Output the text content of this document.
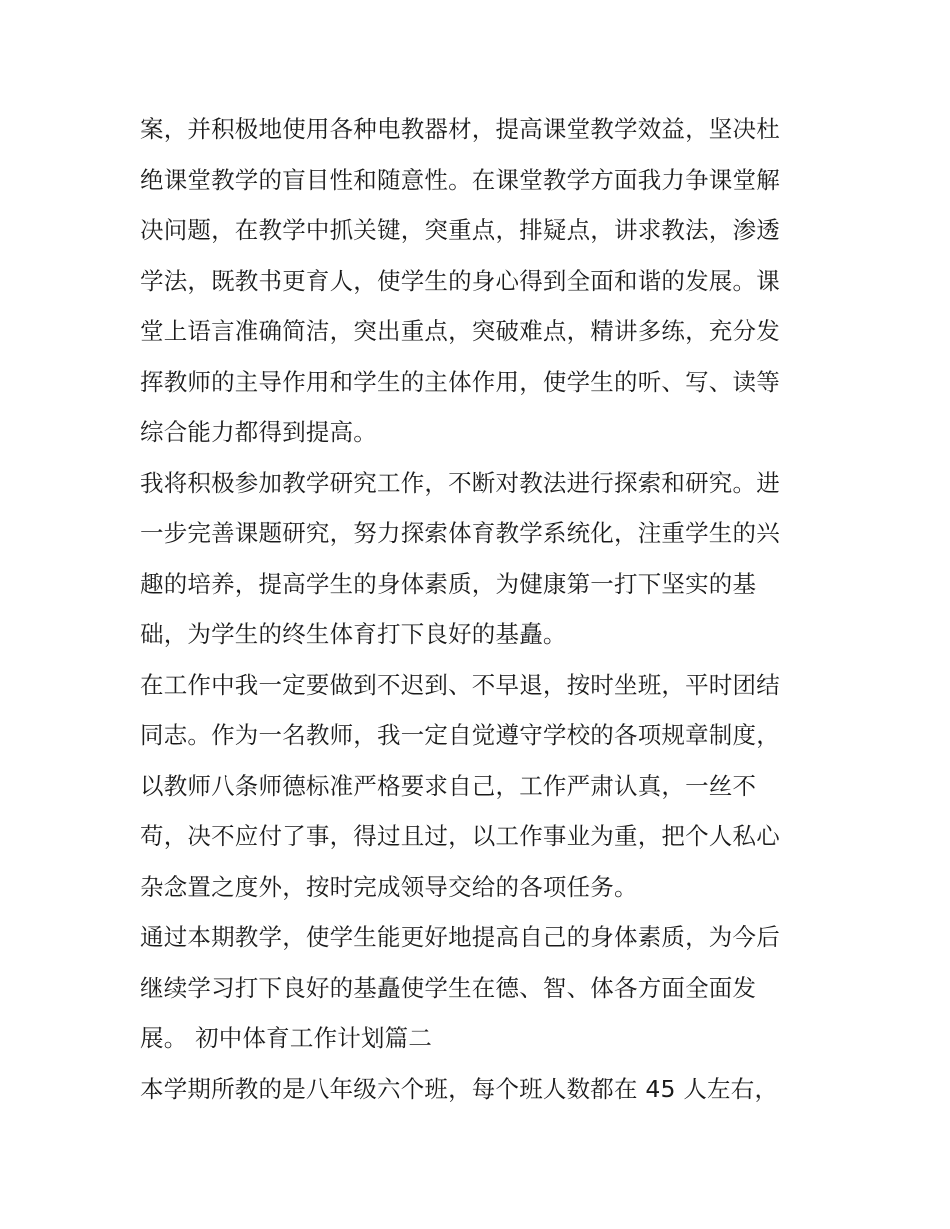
案，并积极地使用各种电教器材，提高课堂教学效益，坚决杜
绝课堂教学的盲目性和随意性。在课堂教学方面我力争课堂解
决问题，在教学中抓关键，突重点，排疑点，讲求教法，渗透
学法，既教书更育人，使学生的身心得到全面和谐的发展。课
堂上语言准确简洁，突出重点，突破难点，精讲多练，充分发
挥教师的主导作用和学生的主体作用，使学生的听、写、读等
综合能力都得到提高。

我将积极参加教学研究工作，不断对教法进行探索和研究。进
一步完善课题研究，努力探索体育教学系统化，注重学生的兴
趣的培养，提高学生的身体素质，为健康第一打下坚实的基
础，为学生的终生体育打下良好的基矗。

在工作中我一定要做到不迟到、不早退，按时坐班，平时团结
同志。作为一名教师，我一定自觉遵守学校的各项规章制度，
以教师八条师德标准严格要求自己，工作严肃认真，一丝不
苟，决不应付了事，得过且过，以工作事业为重，把个人私心
杂念置之度外，按时完成领导交给的各项任务。

通过本期教学，使学生能更好地提高自己的身体素质，为今后
继续学习打下良好的基矗使学生在德、智、体各方面全面发
展。 初中体育工作计划篇二

本学期所教的是八年级六个班，每个班人数都在 45 人左右，
